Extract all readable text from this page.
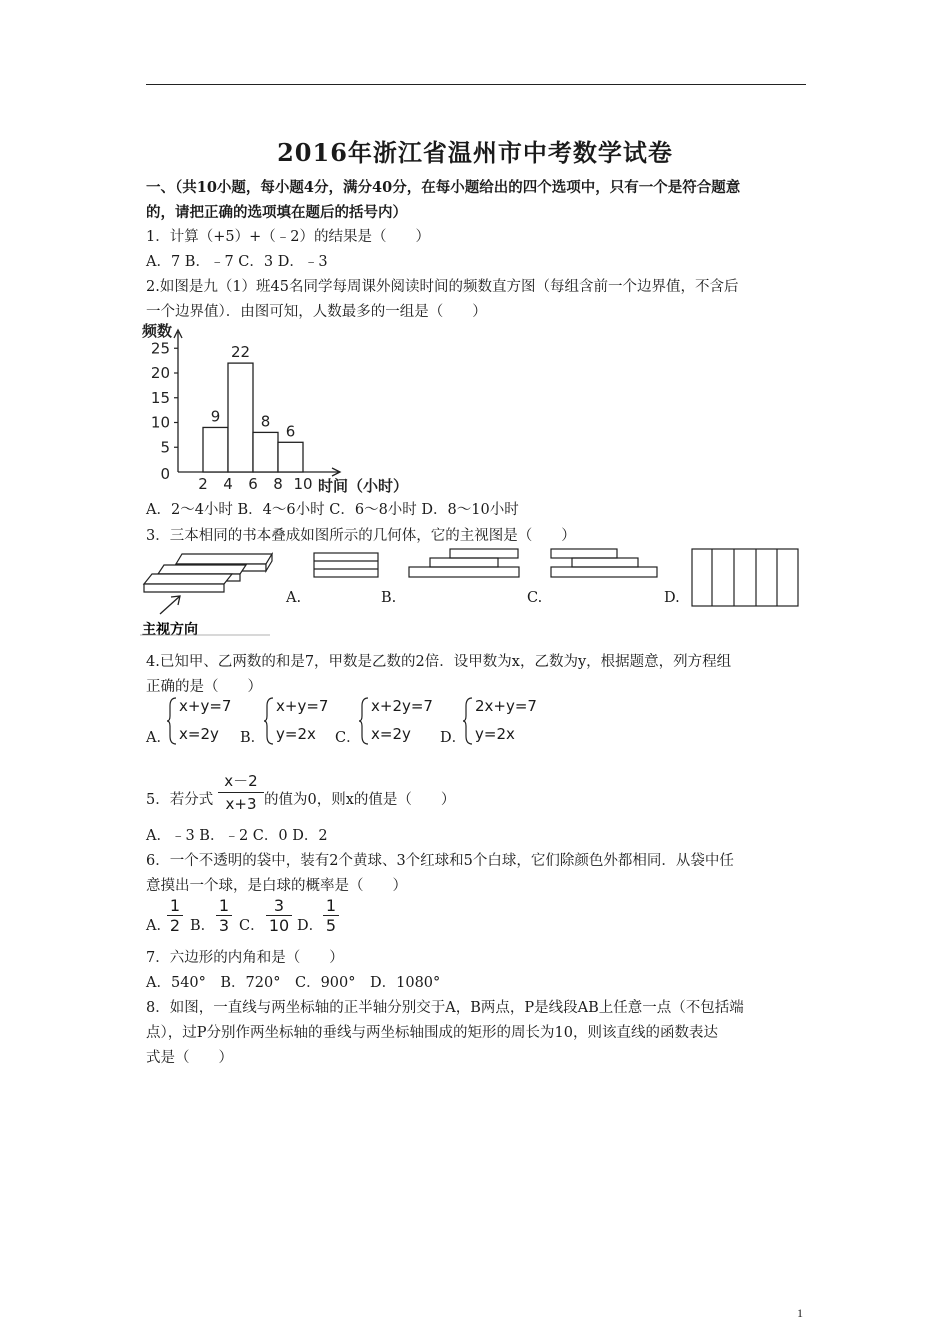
2016年浙江省温州市中考数学试卷
一、（共10小题，每小题4分，满分40分，在每小题给出的四个选项中，只有一个是符合题意
的，请把正确的选项填在题后的括号内）
1．计算（+5）+（﹣2）的结果是（　　）
A．7 B．﹣7 C．3 D．﹣3
2.如图是九（1）班45名同学每周课外阅读时间的频数直方图（每组含前一个边界值，不含后
一个边界值）．由图可知，人数最多的一组是（　　）
0
5
10
15
20
25
2 4 6 8 10
频数
时间（小时）
9
22
8
6
A．2～4小时 B．4～6小时 C．6～8小时 D．8～10小时
3．三本相同的书本叠成如图所示的几何体，它的主视图是（　　）
主视方向
A.	B.	C.	D.
4.已知甲、乙两数的和是7，甲数是乙数的2倍．设甲数为x，乙数为y，根据题意，列方程组
正确的是（　　）
A．
x+y=7
x=2y B．
x+y=7
y=2x C．
x+2y=7
x=2y D．
2x+y=7
y=2x
5．若分式
x－2
x+3 的值为0，则x的值是（　　）
A．﹣3 B．﹣2 C．0 D．2
6．一个不透明的袋中，装有2个黄球、3个红球和5个白球，它们除颜色外都相同．从袋中任
意摸出一个球，是白球的概率是（　　）
A．
1
2 B．
1
3 C．
3
10 D．
1
5
7．六边形的内角和是（　　）
A．540°　B．720°　C．900°　D．1080°
8．如图，一直线与两坐标轴的正半轴分别交于A，B两点，P是线段AB上任意一点（不包括端
点），过P分别作两坐标轴的垂线与两坐标轴围成的矩形的周长为10，则该直线的函数表达
式是（　　）
1
